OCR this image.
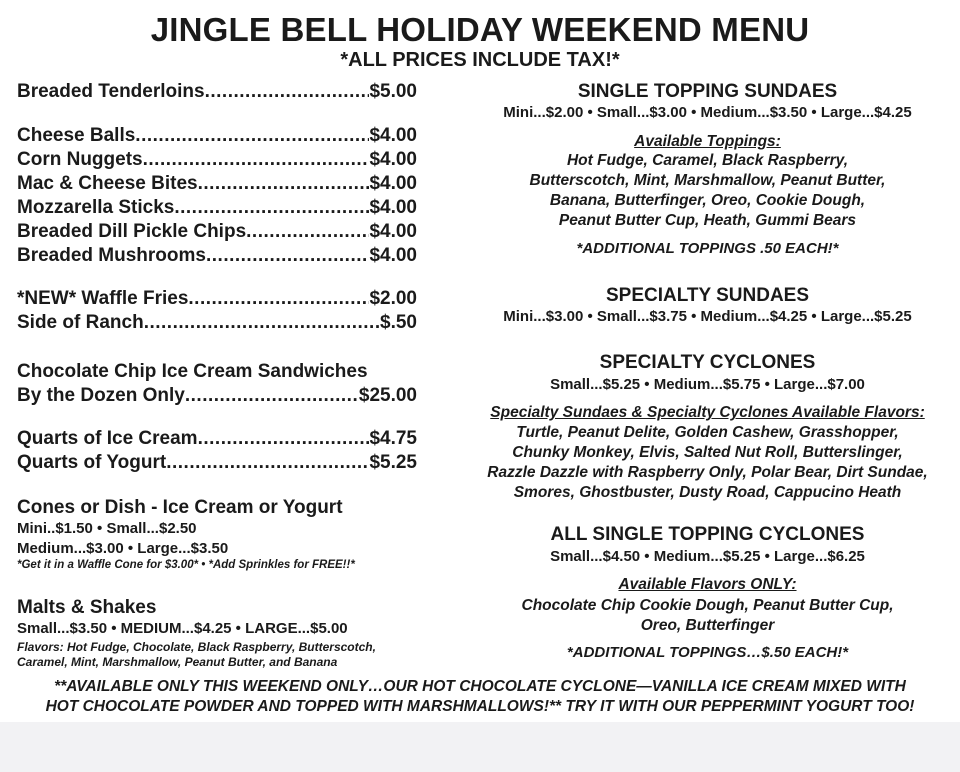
JINGLE BELL HOLIDAY WEEKEND MENU
*ALL PRICES INCLUDE TAX!*
Breaded Tenderloins .....	$5.00
Cheese Balls .....	$4.00
Corn Nuggets .....	$4.00
Mac & Cheese Bites .....	$4.00
Mozzarella Sticks .....	$4.00
Breaded Dill Pickle Chips .....	$4.00
Breaded Mushrooms .....	$4.00
*NEW* Waffle Fries .....	$2.00
Side of Ranch .....	$.50
Chocolate Chip Ice Cream Sandwiches
By the Dozen Only .....	$25.00
Quarts of Ice Cream .....	$4.75
Quarts of Yogurt .....	$5.25
Cones or Dish - Ice Cream or Yogurt
Mini..$1.50 • Small...$2.50
Medium...$3.00 • Large...$3.50
*Get it in a Waffle Cone for $3.00* • *Add Sprinkles for FREE!!*
Malts & Shakes
Small...$3.50 • MEDIUM...$4.25 • LARGE...$5.00
Flavors: Hot Fudge, Chocolate, Black Raspberry, Butterscotch,
Caramel, Mint, Marshmallow, Peanut Butter, and Banana
SINGLE TOPPING SUNDAES
Mini...$2.00 • Small...$3.00 • Medium...$3.50 • Large...$4.25
Available Toppings:
Hot Fudge, Caramel, Black Raspberry,
Butterscotch, Mint, Marshmallow, Peanut Butter,
Banana, Butterfinger, Oreo, Cookie Dough,
Peanut Butter Cup, Heath, Gummi Bears
*ADDITIONAL TOPPINGS .50 EACH!*
SPECIALTY SUNDAES
Mini...$3.00 • Small...$3.75 • Medium...$4.25 • Large...$5.25
SPECIALTY CYCLONES
Small...$5.25 • Medium...$5.75 • Large...$7.00
Specialty Sundaes & Specialty Cyclones Available Flavors:
Turtle, Peanut Delite, Golden Cashew, Grasshopper,
Chunky Monkey, Elvis, Salted Nut Roll, Butterslinger,
Razzle Dazzle with Raspberry Only, Polar Bear, Dirt Sundae,
Smores, Ghostbuster, Dusty Road, Cappucino Heath
ALL SINGLE TOPPING CYCLONES
Small...$4.50 • Medium...$5.25 • Large...$6.25
Available Flavors ONLY:
Chocolate Chip Cookie Dough, Peanut Butter Cup,
Oreo, Butterfinger
*ADDITIONAL TOPPINGS…$.50 EACH!*
**AVAILABLE ONLY THIS WEEKEND ONLY…OUR HOT CHOCOLATE CYCLONE—VANILLA ICE CREAM MIXED WITH
HOT CHOCOLATE POWDER AND TOPPED WITH MARSHMALLOWS!** TRY IT WITH OUR PEPPERMINT YOGURT TOO!
